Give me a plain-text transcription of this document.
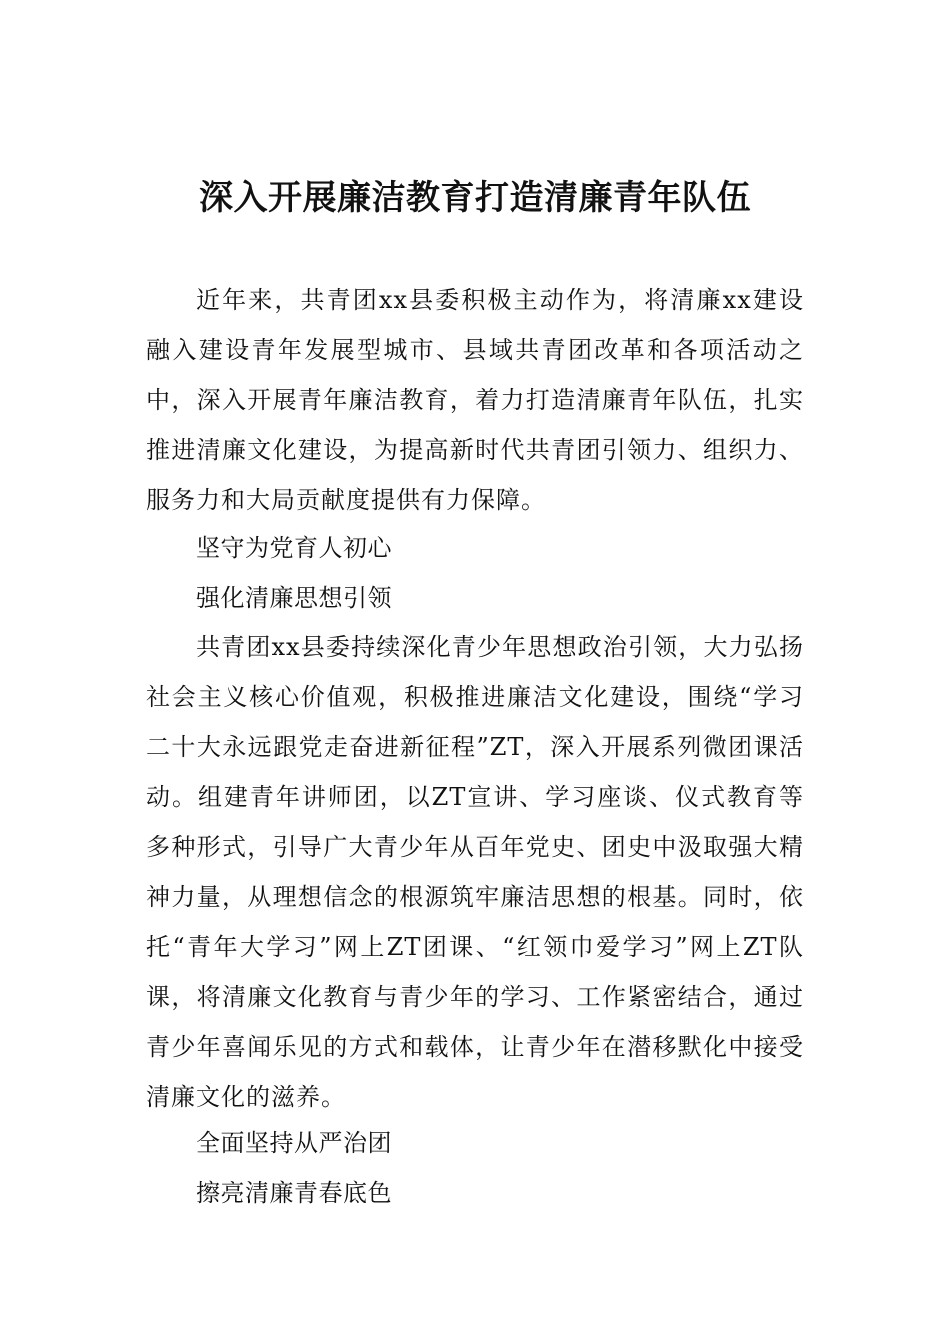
深入开展廉洁教育打造清廉青年队伍

近年来，共青团xx县委积极主动作为，将清廉xx建设融入建设青年发展型城市、县域共青团改革和各项活动之中，深入开展青年廉洁教育，着力打造清廉青年队伍，扎实推进清廉文化建设，为提高新时代共青团引领力、组织力、服务力和大局贡献度提供有力保障。

坚守为党育人初心

强化清廉思想引领

共青团xx县委持续深化青少年思想政治引领，大力弘扬社会主义核心价值观，积极推进廉洁文化建设，围绕“学习二十大永远跟党走奋进新征程”ZT，深入开展系列微团课活动。组建青年讲师团，以ZT宣讲、学习座谈、仪式教育等多种形式，引导广大青少年从百年党史、团史中汲取强大精神力量，从理想信念的根源筑牢廉洁思想的根基。同时，依托“青年大学习”网上ZT团课、“红领巾爱学习”网上ZT队课，将清廉文化教育与青少年的学习、工作紧密结合，通过青少年喜闻乐见的方式和载体，让青少年在潜移默化中接受清廉文化的滋养。

全面坚持从严治团

擦亮清廉青春底色
